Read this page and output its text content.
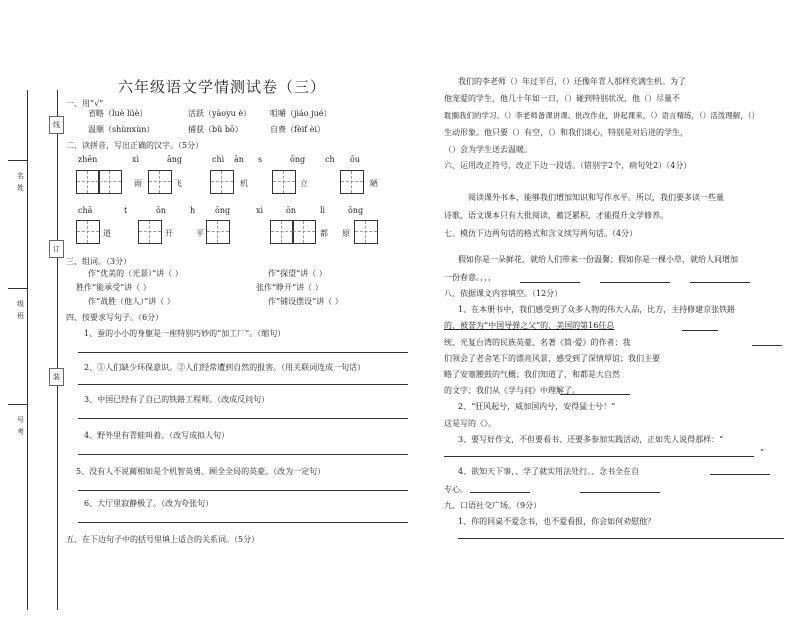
线
名姓
订
级班
装
号考
六年级语文学情测试卷（三）
一、用“√”
省略（luè lüè）	活跃（yàoyu è） 咀嚼（jiáo jué）
温顺（shùnxùn）	捕获（bǔ bō）	自费（fèif èi）
二、读拼音，写出正确的汉字。（5分）
zhēn	xì	āng	chì ān s	ōng ch ōu
雨	飞	机	立	陋
chā	t	ōn	h ōng	xì	ōn	lì	ōng
道	开	平	都 原
三、组词。（3分）
作“优美的（光景）”讲（ ）	作“探望”讲（ ）
胜作“能承受”讲（ ）	张作“睁开”讲（ ）
作“战胜（他人）”讲（ ）	作“铺设摆设”讲（ ）
四、按要求写句子。（6分）
1、蚕的小小的身躯是一座特别巧妙的“加工厂”。（缩句）
2、①人们缺少环保意识。②人们经常遭到自然的报害。（用关联词连成一句话）
3、中国已经有了自己的铁路工程师。（改成反问句）
4、野外里有青蛙叫着。（改写成拟人句）
5、没有人不说蔺相如是个机智英勇、顾全全局的英豪。（改为一定句）
6、大厅里寂静极了。（改为夸张句）
五、在下边句子中的括号里填上适合的关系词。（5分）
我们的李老师（）年过半百，（）还像年青人那样充满生机。为了
他宠爱的学生，他几十年如一日，（）碰到特别状况，他（）尽量不
耽搁我们的学习。（）李老师备课讲课、批改作业，讲起课来，（）语言精练，（）活泼理解，（）
生动形象。他只要（）有空，（）和我们谈心，特别是对后进的学生，
（）会为学生送去温暖。
六、运用改正符号，改正下边一段话。（错别字2个，病句处2）（4分）
阅读课外书本，能够我们增加知识和写作水平。所以，我们要多读一些量
诗歌、语文课本只有大批阅读，蓄泛累积，才能提升文学修养。
七、模仿下边两句话的格式和含义续写两句话。（4分）
假如你是一朵鲜花，就给人们带来一份温馨；假如你是一棵小草，就给人间增加
一份春意。，，，
八、依据课文内容填空。（12分）
1、在本册书中，我们感受到了众多人物的伟大人品，比方，主持修建京张铁路
的，被誉为“中国导弹之父”的、美国的第16任总
统、光复台湾的民族英豪、名著《简·爱》的作者：我
们领会了老舍笔下的漂亮风景，感受到了深情厚谊；我们主要
略了安塞腰鼓的气概；我们知道了，和都是大自然
的文字；我们从《学与问》中理解了。
2、“狂风起兮，威加国内兮，安得猛士兮！”
这是写的《》。
3、要写好作文，不但要看书、还要多参加实践活动，正如先人说得那样：“
”
4、欲知天下事，、学了就实用法处行。、念书全在自
专心。
九、口语社交广场。（9分）
1、你的同桌不爱念书，也不爱看报，你会如何劝慰他？
